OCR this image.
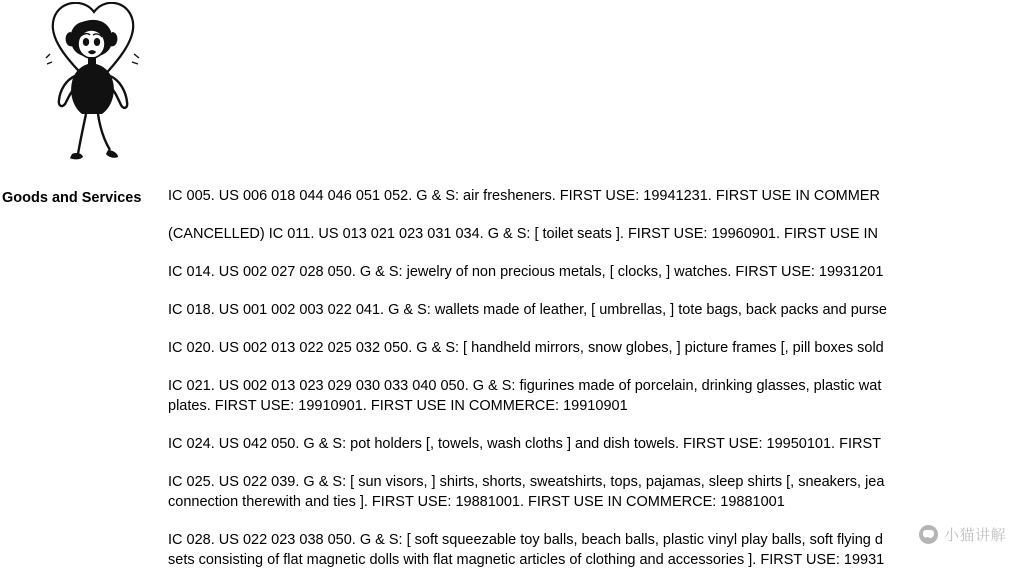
Goods and Services	IC 005. US 006 018 044 046 051 052. G & S: air fresheners. FIRST USE: 19941231. FIRST USE IN COMMER

(CANCELLED) IC 011. US 013 021 023 031 034. G & S: [ toilet seats ]. FIRST USE: 19960901. FIRST USE IN

IC 014. US 002 027 028 050. G & S: jewelry of non precious metals, [ clocks, ] watches. FIRST USE: 19931201

IC 018. US 001 002 003 022 041. G & S: wallets made of leather, [ umbrellas, ] tote bags, back packs and purse

IC 020. US 002 013 022 025 032 050. G & S: [ handheld mirrors, snow globes, ] picture frames [, pill boxes sold

IC 021. US 002 013 023 029 030 033 040 050. G & S: figurines made of porcelain, drinking glasses, plastic wat
plates. FIRST USE: 19910901. FIRST USE IN COMMERCE: 19910901

IC 024. US 042 050. G & S: pot holders [, towels, wash cloths ] and dish towels. FIRST USE: 19950101. FIRST

IC 025. US 022 039. G & S: [ sun visors, ] shirts, shorts, sweatshirts, tops, pajamas, sleep shirts [, sneakers, jea
connection therewith and ties ]. FIRST USE: 19881001. FIRST USE IN COMMERCE: 19881001

IC 028. US 022 023 038 050. G & S: [ soft squeezable toy balls, beach balls, plastic vinyl play balls, soft flying d
sets consisting of flat magnetic dolls with flat magnetic articles of clothing and accessories ]. FIRST USE: 19931

小猫讲解
